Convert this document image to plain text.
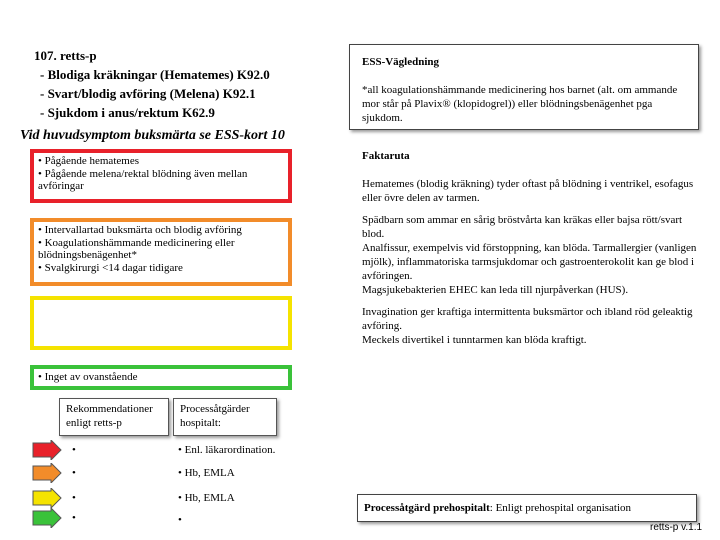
107. retts-p
- Blodiga kräkningar (Hematemes) K92.0
- Svart/blodig avföring (Melena) K92.1
- Sjukdom i anus/rektum K62.9
Vid huvudsymptom buksmärta se ESS-kort 10
ESS-Vägledning
*all koagulationshämmande medicinering hos barnet (alt. om ammande mor står på Plavix® (klopidogrel)) eller blödningsbenägenhet pga sjukdom.
Faktaruta

Hematemes (blodig kräkning) tyder oftast på blödning i ventrikel, esofagus eller övre delen av tarmen.

Spädbarn som ammar en sårig bröstvårta kan kräkas eller bajsa rött/svart blod.
Analfissur, exempelvis vid förstoppning, kan blöda. Tarmallergier (vanligen mjölk), inflammatoriska tarmsjukdomar och gastroenterokolit kan ge blod i avföringen.
Magsjukebakterien EHEC kan leda till njurpåverkan (HUS).

Invagination ger kraftiga intermittenta buksmärtor och ibland röd geleaktig avföring.
Meckels divertikel i tunntarmen kan blöda kraftigt.

• Pågående hematemes
• Pågående melena/rektal blödning även mellan avföringar
• Intervallartad buksmärta och blodig avföring
• Koagulationshämmande medicinering eller blödningsbenägenhet*
• Svalgkirurgi <14 dagar tidigare
• Inget av ovanstående
Rekommendationer enligt retts-p
Processåtgärder hospitalt:
•	• Enl. läkarordination.
•	• Hb, EMLA
•	• Hb, EMLA
•	•
Processåtgärd prehospitalt: Enligt prehospital organisation
retts-p v.1.1
